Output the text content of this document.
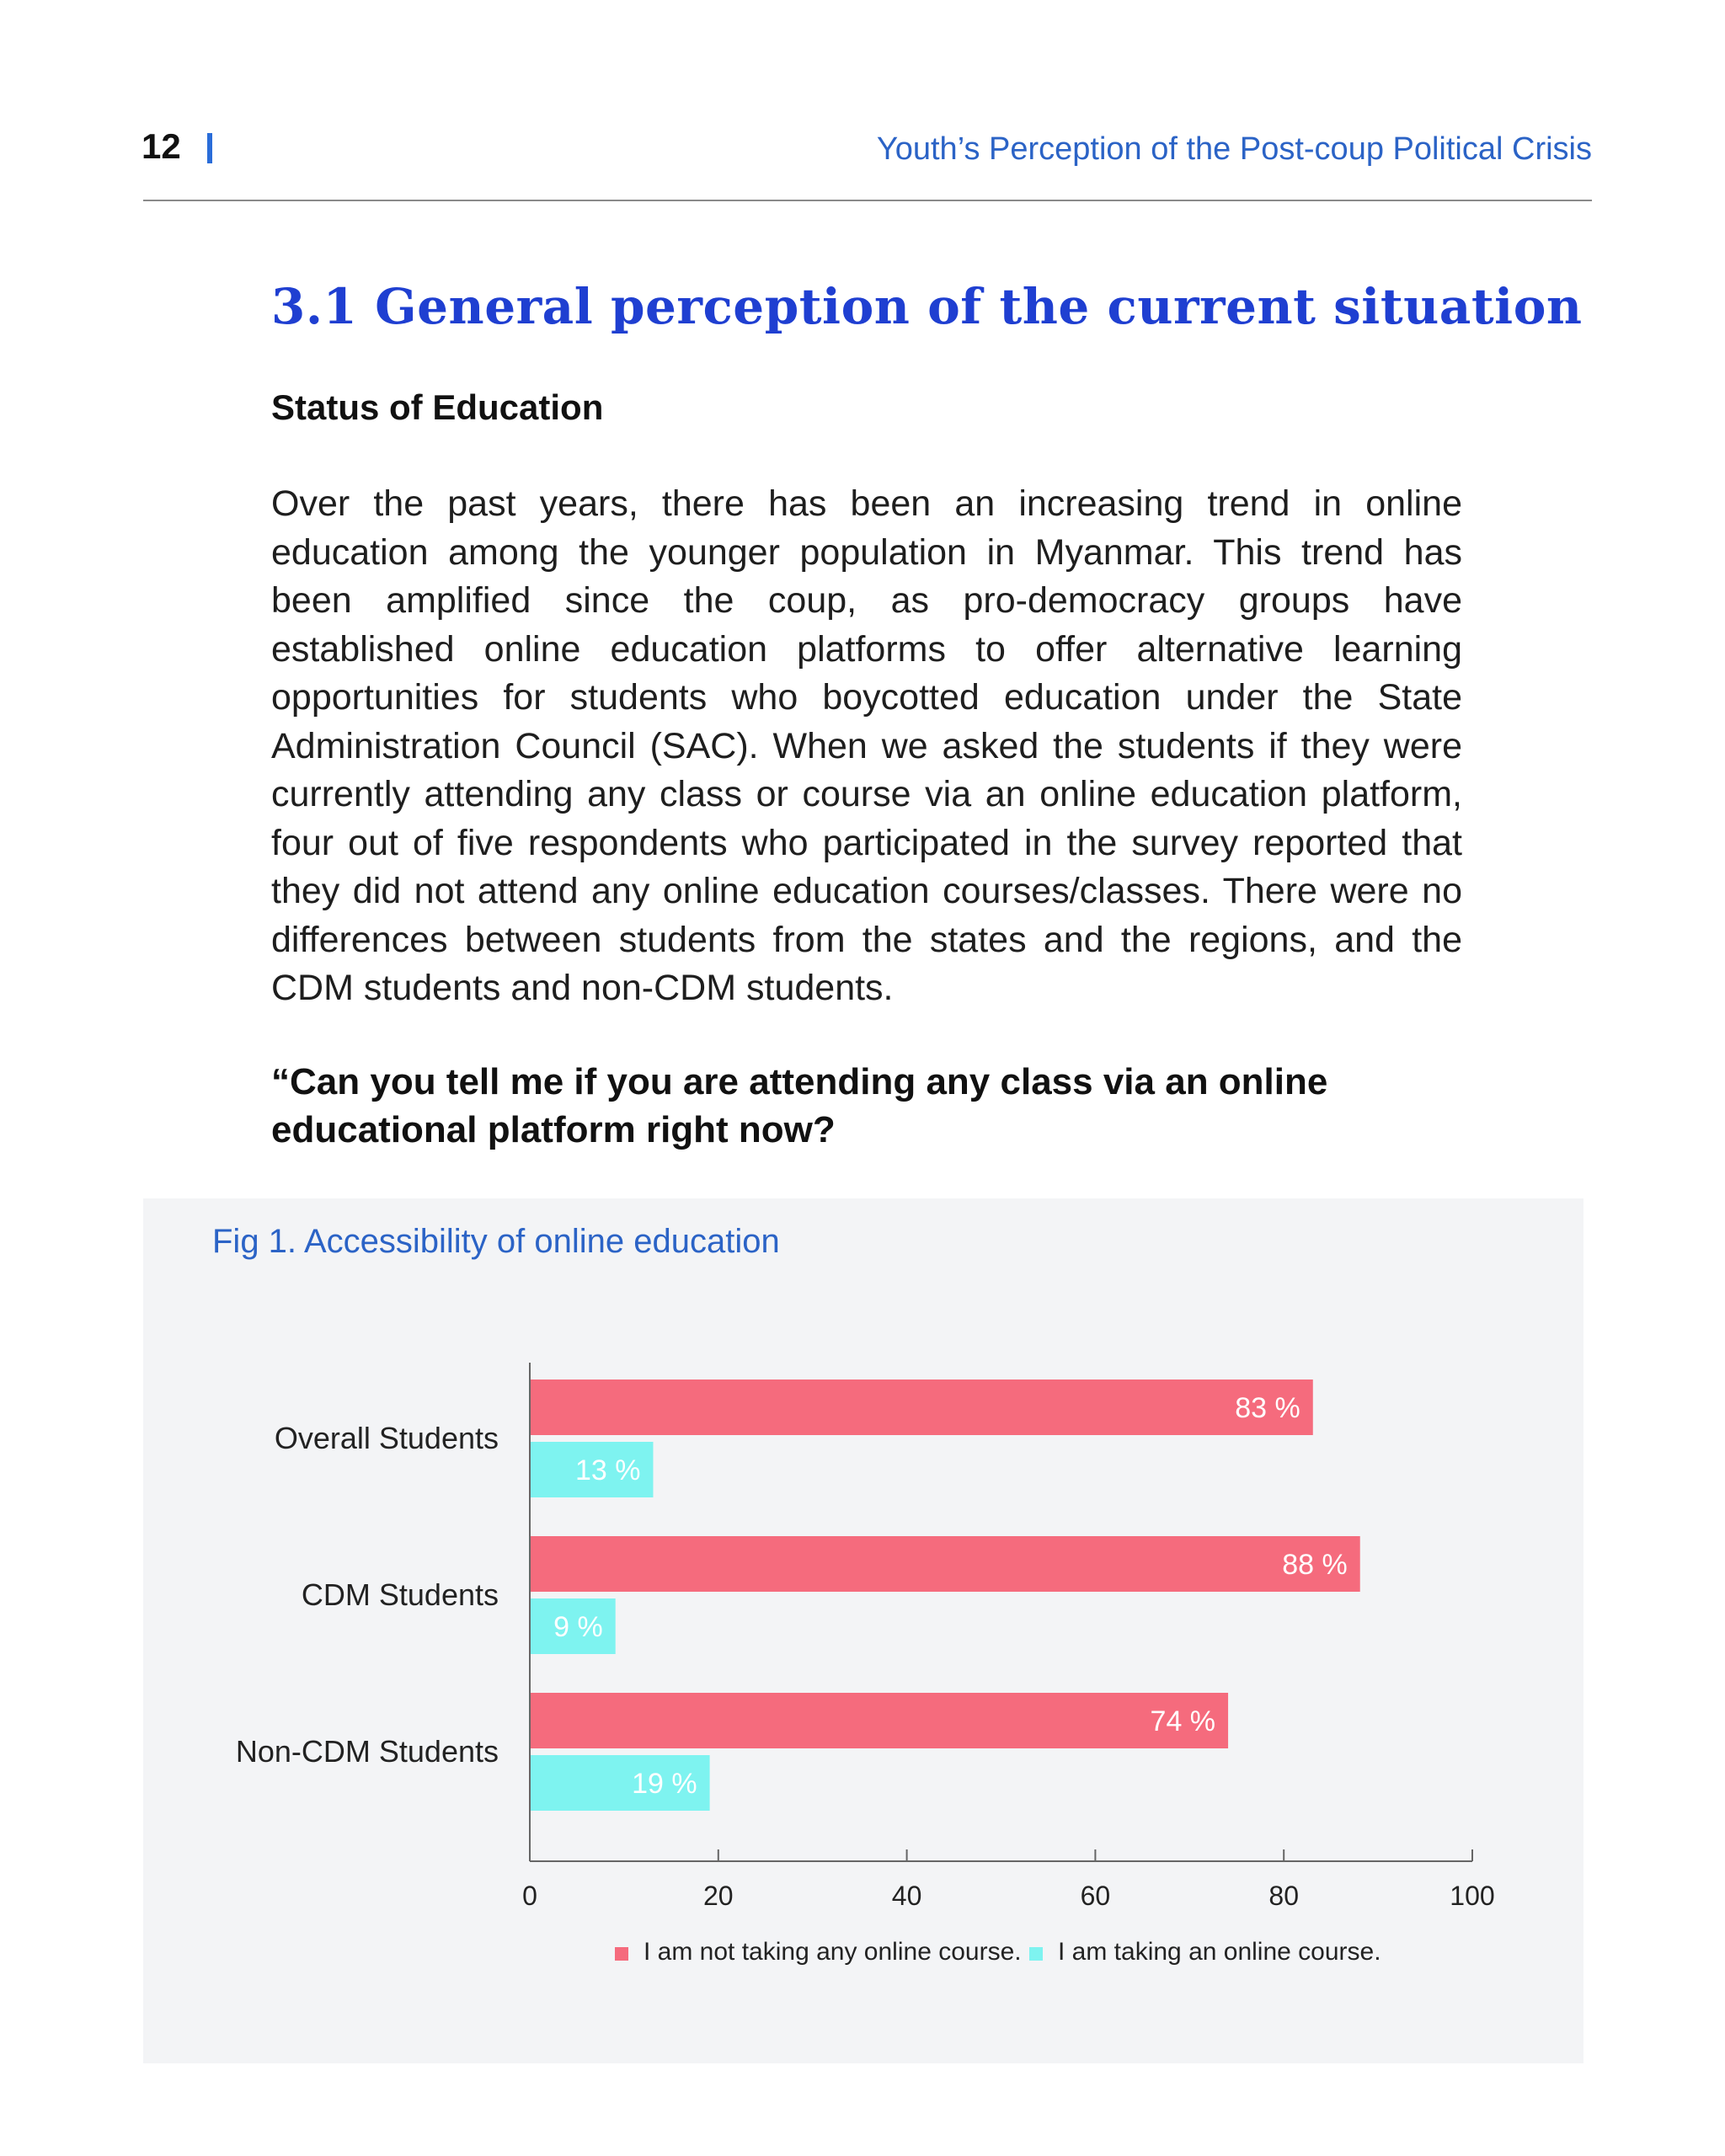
12	Youth’s Perception of the Post-coup Political Crisis
3.1 General perception of the current situation
Status of Education
Over the past years, there has been an increasing trend in online education among the younger population in Myanmar. This trend has been amplified since the coup, as pro-democracy groups have established online education platforms to offer alternative learning opportunities for students who boycotted education under the State Administration Council (SAC). When we asked the students if they were currently attending any class or course via an online education platform, four out of five respondents who participated in the survey reported that they did not attend any online education courses/classes. There were no differences between students from the states and the regions, and the CDM students and non-CDM students.
“Can you tell me if you are attending any class via an online educational platform right now?
Fig 1. Accessibility of online education
0	20	40	60	80	100
83 %
13 %
Overall Students
88 %
9 %
CDM Students
74 %
19 %
Non-CDM Students
I am not taking any online course. I am taking an online course.
